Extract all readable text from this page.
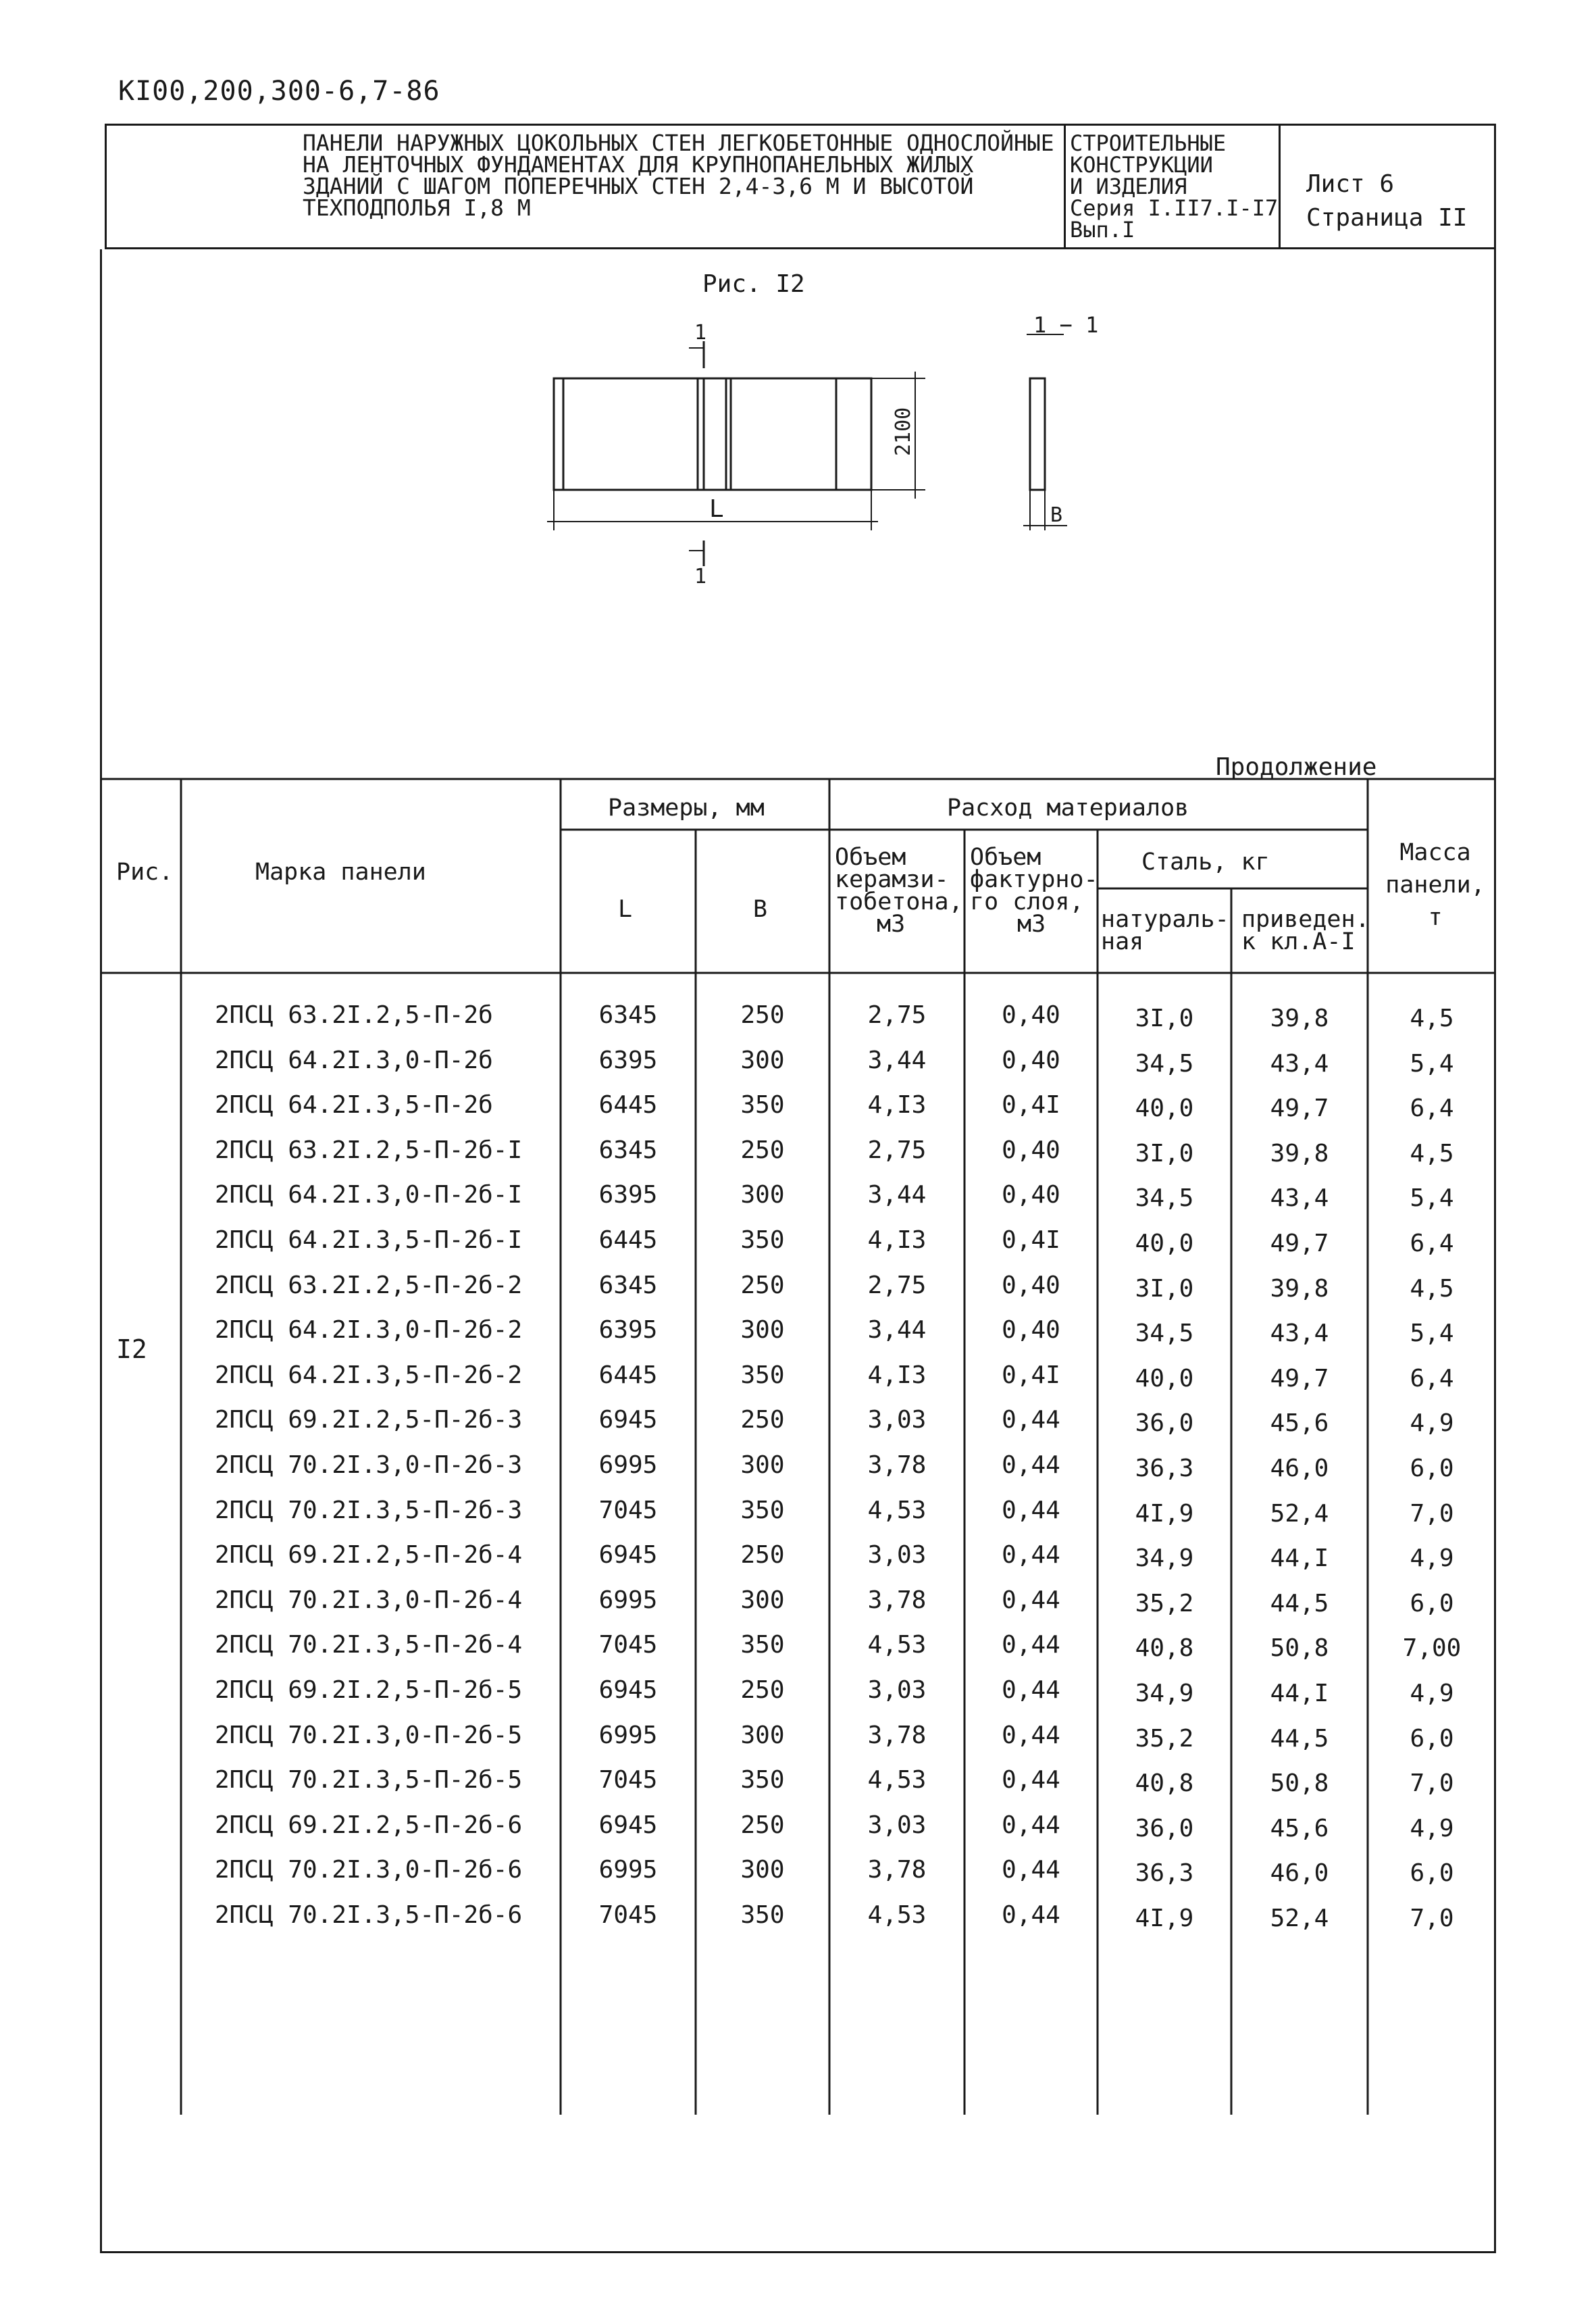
КI00,200,300-6,7-86
ПАНЕЛИ НАРУЖНЫХ ЦОКОЛЬНЫХ СТЕН ЛЕГКОБЕТОННЫЕ ОДНОСЛОЙНЫЕ НА ЛЕНТОЧНЫХ ФУНДАМЕНТАХ ДЛЯ КРУПНОПАНЕЛЬНЫХ ЖИЛЫХ ЗДАНИЙ С ШАГОМ ПОПЕРЕЧНЫХ СТЕН 2,4-3,6 М И ВЫСОТОЙ ТЕХПОДПОЛЬЯ I,8 М
СТРОИТЕЛЬНЫЕ
КОНСТРУКЦИИ
И ИЗДЕЛИЯ
Серия I.II7.I-I7
Вып.I
Лист 6
Страница II
Рис. I2
1
1
1 − 1
L	B
2100
Продолжение
Рис.	Марка панели
Размеры, мм
L	B
Расход материалов
Объем
керамзи-
тобетона,
м3
Объем
фактурно-
го слоя,
м3
Сталь, кг
натураль-
ная
приведен.
к кл.А-I
Масса
панели,
т
I2
2ПСЦ 63.2I.2,5-П-2б	6345	250	2,75	0,40	3I,0	39,8	4,5
2ПСЦ 64.2I.3,0-П-2б	6395	300	3,44	0,40	34,5	43,4	5,4
2ПСЦ 64.2I.3,5-П-2б	6445	350	4,I3	0,4I	40,0	49,7	6,4
2ПСЦ 63.2I.2,5-П-2б-I	6345	250	2,75	0,40	3I,0	39,8	4,5
2ПСЦ 64.2I.3,0-П-2б-I	6395	300	3,44	0,40	34,5	43,4	5,4
2ПСЦ 64.2I.3,5-П-2б-I	6445	350	4,I3	0,4I	40,0	49,7	6,4
2ПСЦ 63.2I.2,5-П-2б-2	6345	250	2,75	0,40	3I,0	39,8	4,5
2ПСЦ 64.2I.3,0-П-2б-2	6395	300	3,44	0,40	34,5	43,4	5,4
2ПСЦ 64.2I.3,5-П-2б-2	6445	350	4,I3	0,4I	40,0	49,7	6,4
2ПСЦ 69.2I.2,5-П-2б-3	6945	250	3,03	0,44	36,0	45,6	4,9
2ПСЦ 70.2I.3,0-П-2б-3	6995	300	3,78	0,44	36,3	46,0	6,0
2ПСЦ 70.2I.3,5-П-2б-3	7045	350	4,53	0,44	4I,9	52,4	7,0
2ПСЦ 69.2I.2,5-П-2б-4	6945	250	3,03	0,44	34,9	44,I	4,9
2ПСЦ 70.2I.3,0-П-2б-4	6995	300	3,78	0,44	35,2	44,5	6,0
2ПСЦ 70.2I.3,5-П-2б-4	7045	350	4,53	0,44	40,8	50,8	7,00
2ПСЦ 69.2I.2,5-П-2б-5	6945	250	3,03	0,44	34,9	44,I	4,9
2ПСЦ 70.2I.3,0-П-2б-5	6995	300	3,78	0,44	35,2	44,5	6,0
2ПСЦ 70.2I.3,5-П-2б-5	7045	350	4,53	0,44	40,8	50,8	7,0
2ПСЦ 69.2I.2,5-П-2б-6	6945	250	3,03	0,44	36,0	45,6	4,9
2ПСЦ 70.2I.3,0-П-2б-6	6995	300	3,78	0,44	36,3	46,0	6,0
2ПСЦ 70.2I.3,5-П-2б-6	7045	350	4,53	0,44	4I,9	52,4	7,0
